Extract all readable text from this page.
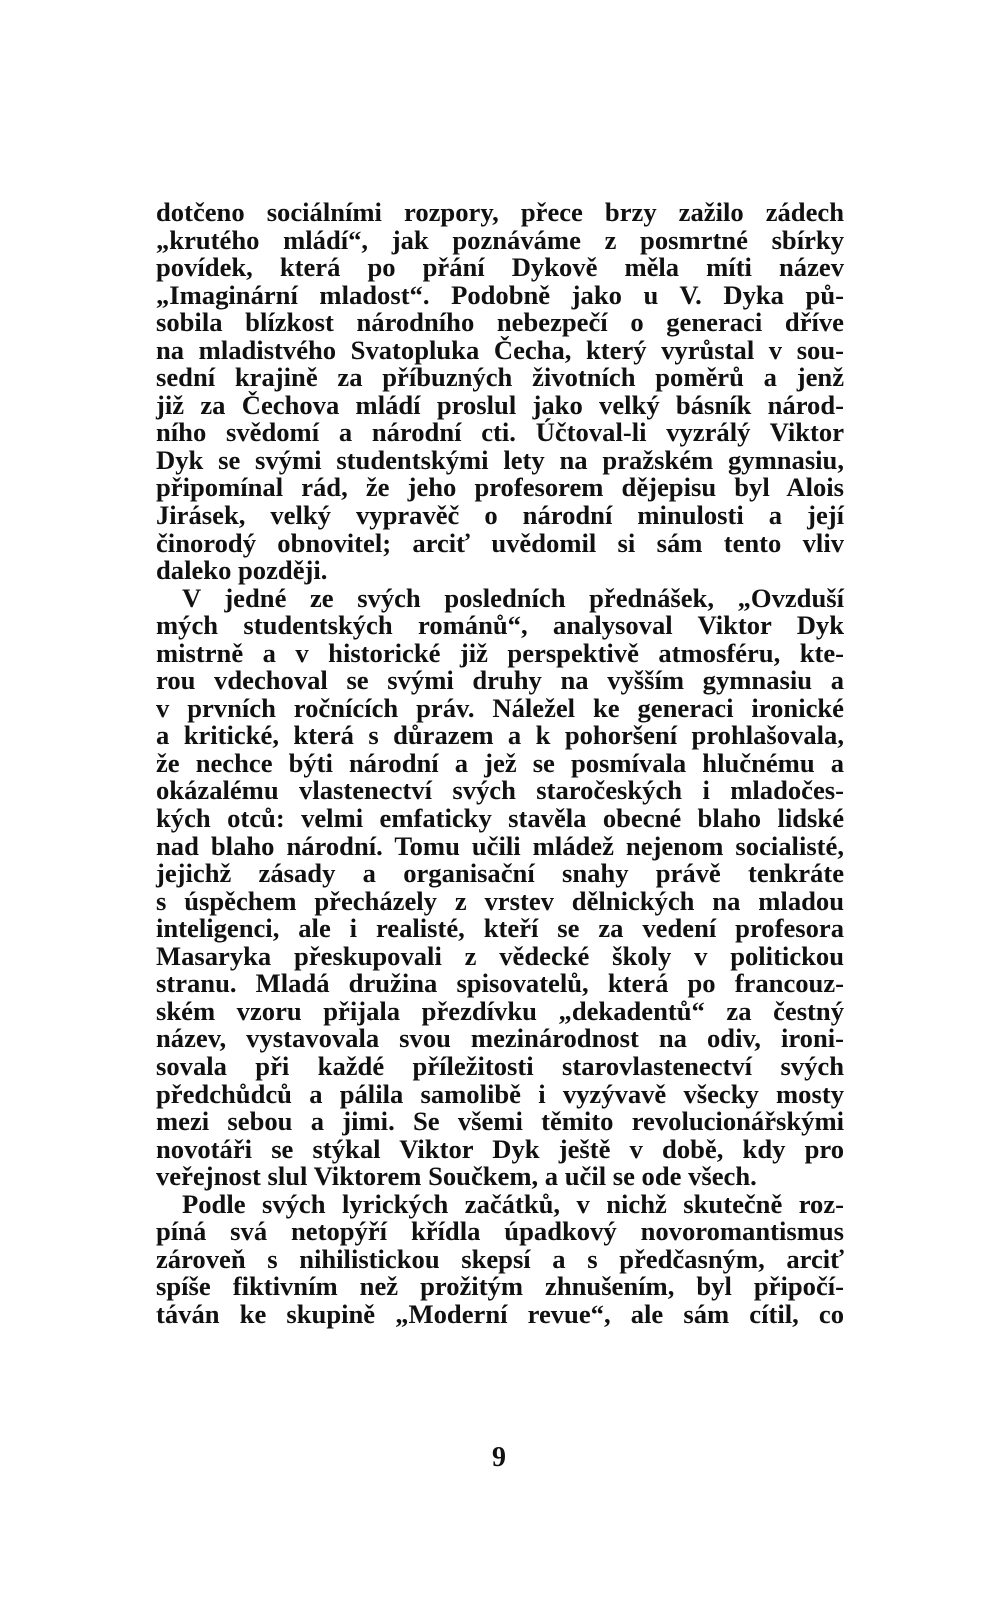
dotčeno sociálními rozpory, přece brzy zažilo zádech
„krutého mládí“, jak poznáváme z posmrtné sbírky
povídek, která po přání Dykově měla míti název
„Imaginární mladost“. Podobně jako u V. Dyka pů-
sobila blízkost národního nebezpečí o generaci dříve
na mladistvého Svatopluka Čecha, který vyrůstal v sou-
sední krajině za příbuzných životních poměrů a jenž
již za Čechova mládí proslul jako velký básník národ-
ního svědomí a národní cti. Účtoval-li vyzrálý Viktor
Dyk se svými studentskými lety na pražském gymnasiu,
připomínal rád, že jeho profesorem dějepisu byl Alois
Jirásek, velký vypravěč o národní minulosti a její
činorodý obnovitel; arciť uvědomil si sám tento vliv
daleko později.
V jedné ze svých posledních přednášek, „Ovzduší
mých studentských románů“, analysoval Viktor Dyk
mistrně a v historické již perspektivě atmosféru, kte-
rou vdechoval se svými druhy na vyšším gymnasiu a
v prvních ročnících práv. Náležel ke generaci ironické
a kritické, která s důrazem a k pohoršení prohlašovala,
že nechce býti národní a jež se posmívala hlučnému a
okázalému vlastenectví svých staročeských i mladočes-
kých otců: velmi emfaticky stavěla obecné blaho lidské
nad blaho národní. Tomu učili mládež nejenom socialisté,
jejichž zásady a organisační snahy právě tenkráte
s úspěchem přecházely z vrstev dělnických na mladou
inteligenci, ale i realisté, kteří se za vedení profesora
Masaryka přeskupovali z vědecké školy v politickou
stranu. Mladá družina spisovatelů, která po francouz-
ském vzoru přijala přezdívku „dekadentů“ za čestný
název, vystavovala svou mezinárodnost na odiv, ironi-
sovala při každé příležitosti starovlastenectví svých
předchůdců a pálila samolibě i vyzývavě všecky mosty
mezi sebou a jimi. Se všemi těmito revolucionářskými
novotáři se stýkal Viktor Dyk ještě v době, kdy pro
veřejnost slul Viktorem Součkem, a učil se ode všech.
Podle svých lyrických začátků, v nichž skutečně roz-
píná svá netopýří křídla úpadkový novoromantismus
zároveň s nihilistickou skepsí a s předčasným, arciť
spíše fiktivním než prožitým zhnušením, byl připočí-
táván ke skupině „Moderní revue“, ale sám cítil, co
9
